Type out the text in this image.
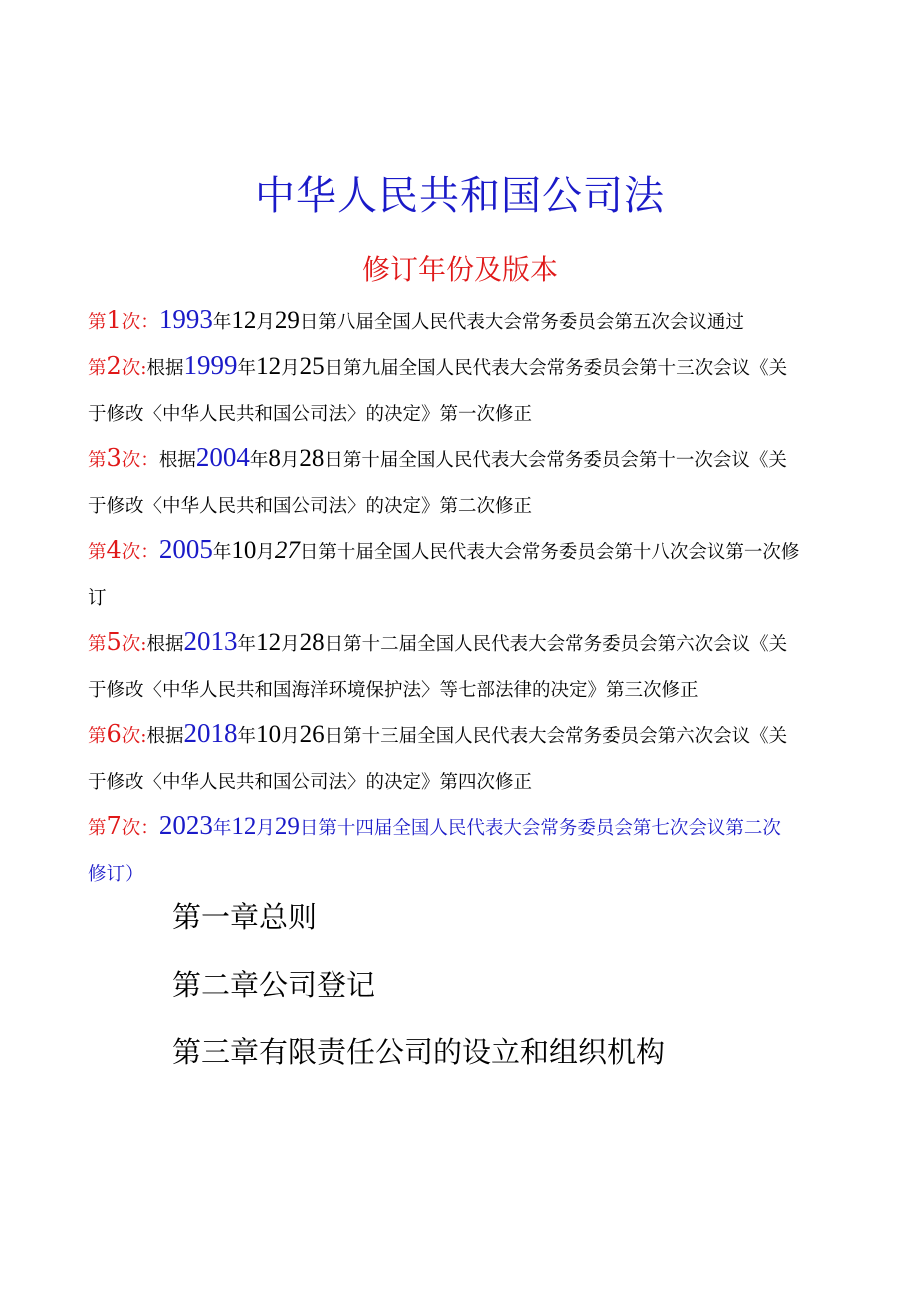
中华人民共和国公司法
修订年份及版本
第1次：1993年12月29日第八届全国人民代表大会常务委员会第五次会议通过
第2次:根据1999年12月25日第九届全国人民代表大会常务委员会第十三次会议《关
于修改〈中华人民共和国公司法〉的决定》第一次修正
第3次：根据2004年8月28日第十届全国人民代表大会常务委员会第十一次会议《关
于修改〈中华人民共和国公司法〉的决定》第二次修正
第4次：2005年10月27日第十届全国人民代表大会常务委员会第十八次会议第一次修
订
第5次:根据2013年12月28日第十二届全国人民代表大会常务委员会第六次会议《关
于修改〈中华人民共和国海洋环境保护法〉等七部法律的决定》第三次修正
第6次:根据2018年10月26日第十三届全国人民代表大会常务委员会第六次会议《关
于修改〈中华人民共和国公司法〉的决定》第四次修正
第7次：2023年12月29日第十四届全国人民代表大会常务委员会第七次会议第二次
修订）
第一章总则
第二章公司登记
第三章有限责任公司的设立和组织机构
